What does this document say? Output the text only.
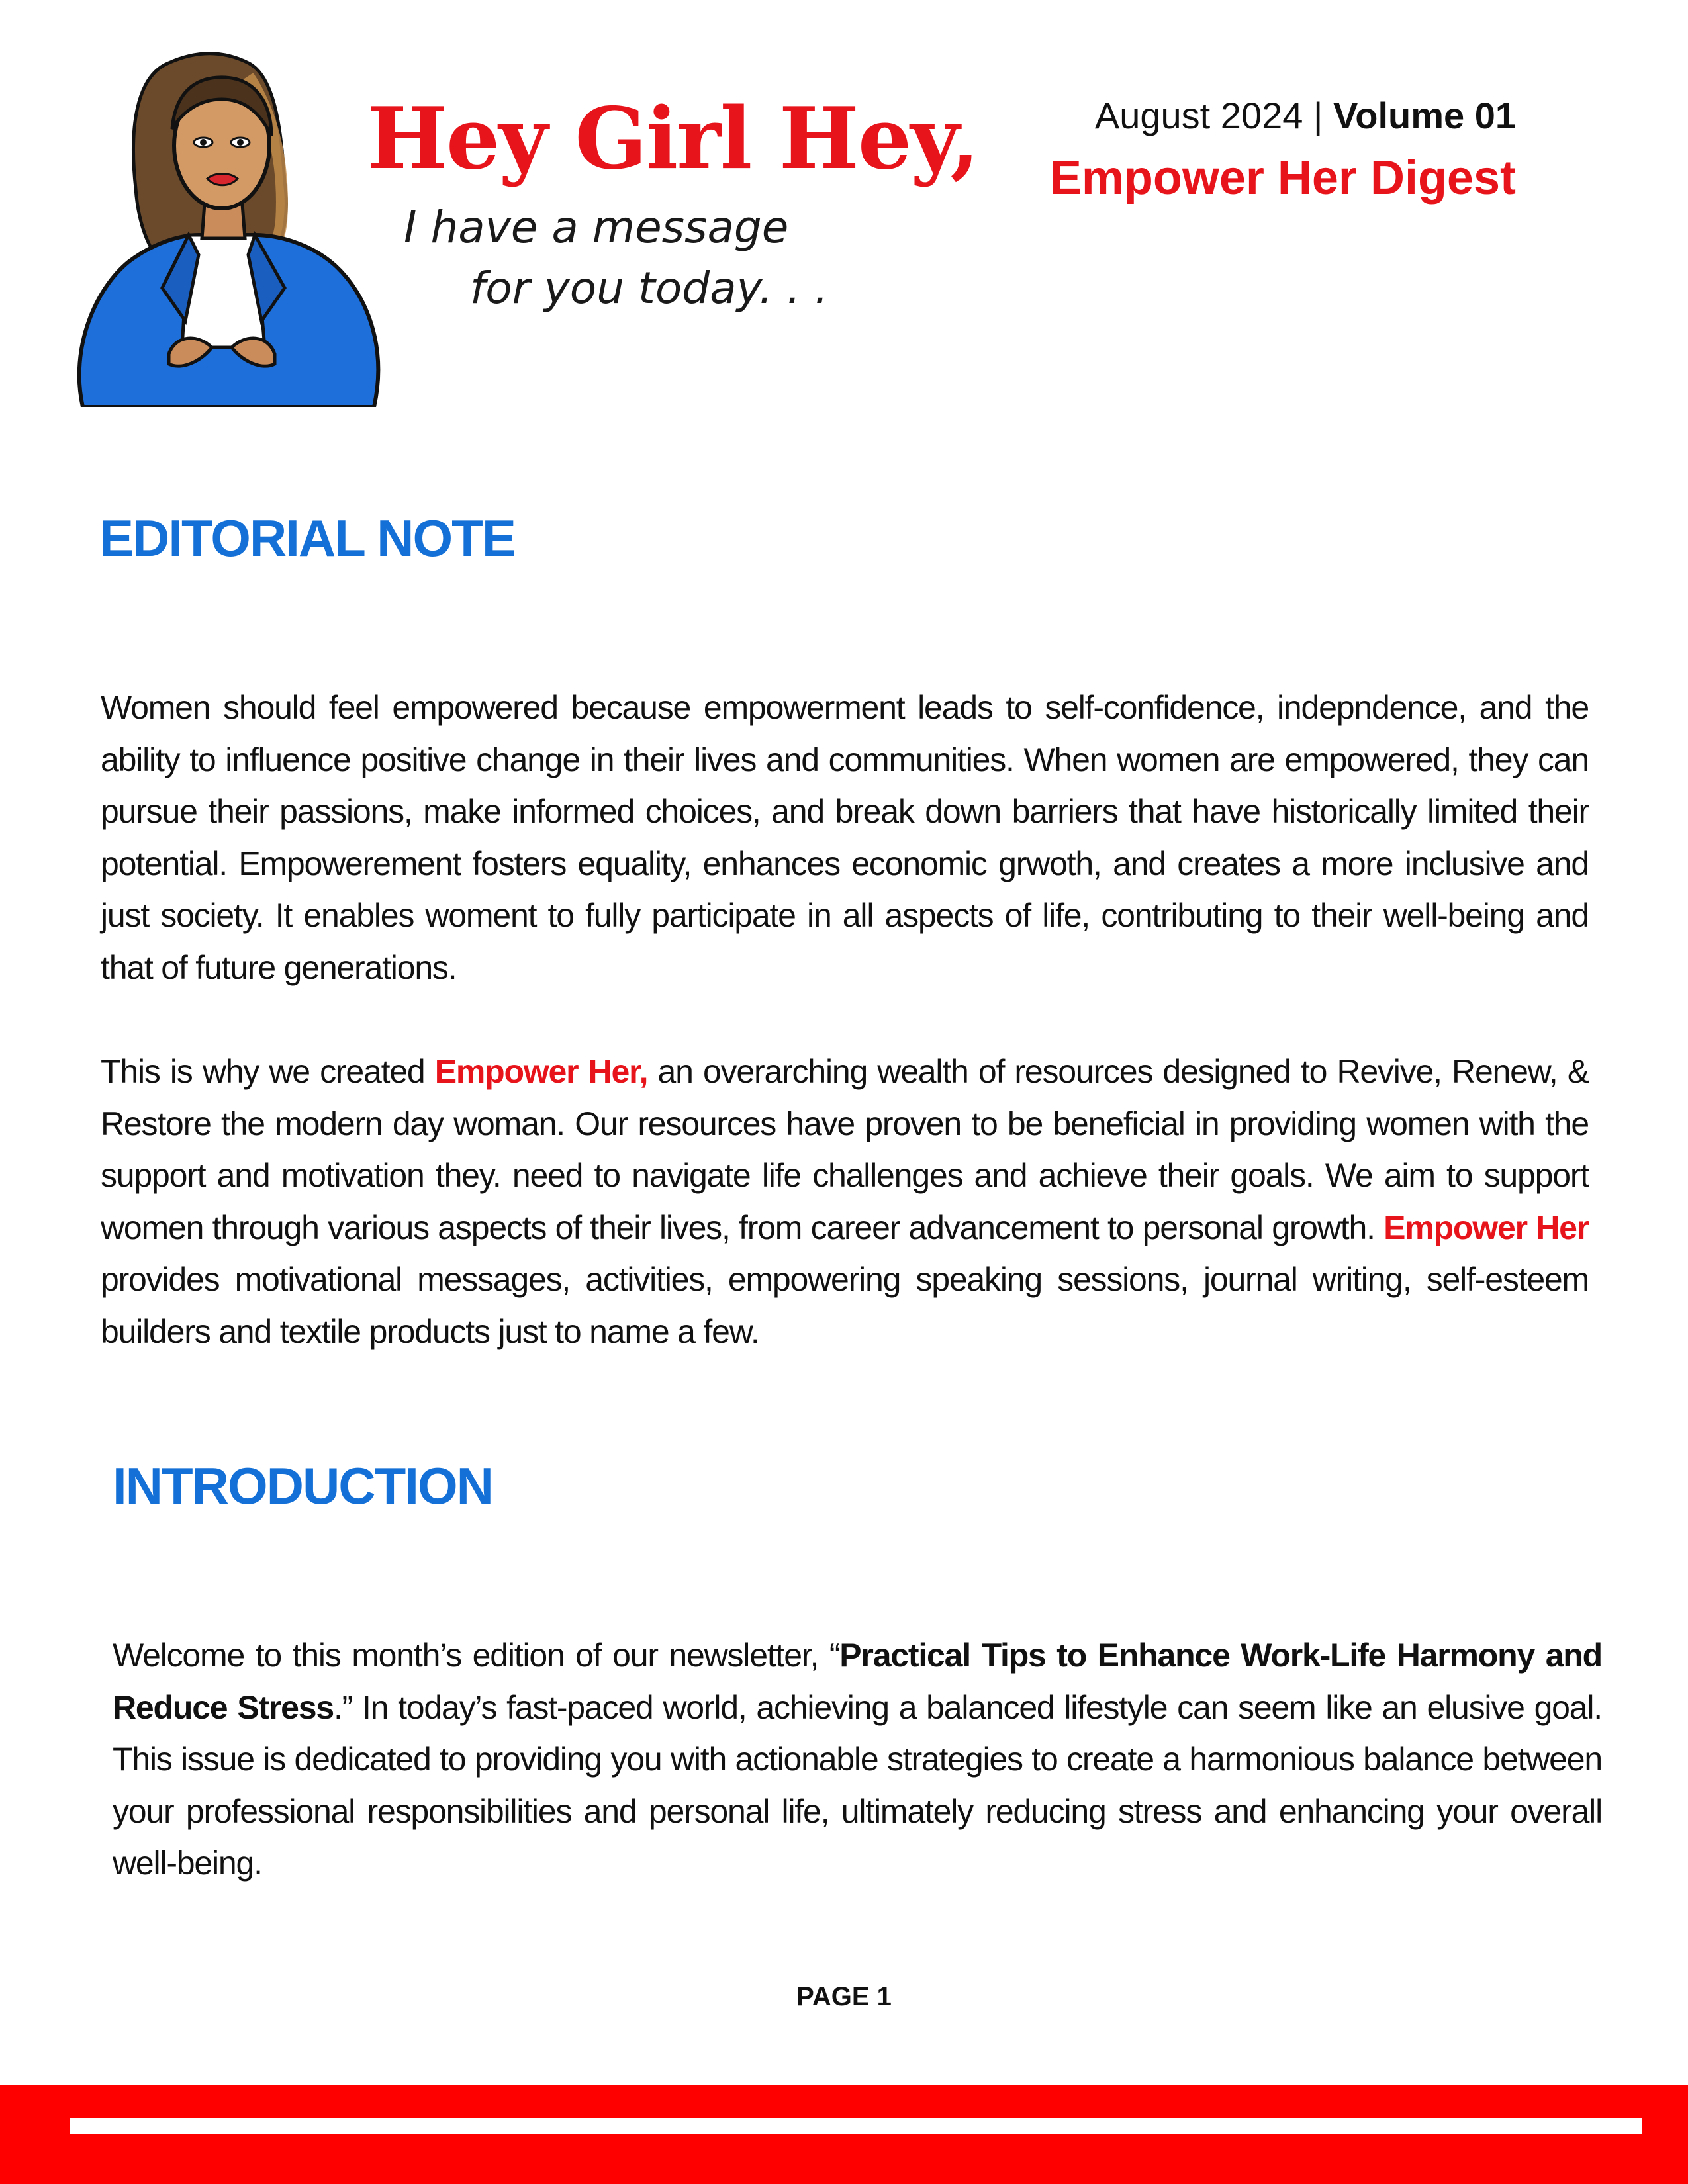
Hey Girl Hey,

I have a message
for you today. . .

August 2024 | Volume 01
Empower Her Digest
EDITORIAL NOTE

Women should feel empowered because empowerment leads to self-confidence, indepndence, and the ability to influence positive change in their lives and communities. When women are empowered, they can pursue their passions, make informed choices, and break down barriers that have historically limited their potential. Empowerement fosters equality, enhances economic grwoth, and creates a more inclusive and just society. It enables woment to fully participate in all aspects of life, contributing to their well-being and that of future generations.

This is why we created Empower Her, an overarching wealth of resources designed to Revive, Renew, & Restore the modern day woman. Our resources have proven to be beneficial in providing women with the support and motivation they. need to navigate life challenges and achieve their goals. We aim to support women through various aspects of their lives, from career advancement to personal growth. Empower Her provides motivational messages, activities, empowering speaking sessions, journal writing, self-esteem builders and textile products just to name a few.

INTRODUCTION

Welcome to this month’s edition of our newsletter, “Practical Tips to Enhance Work-Life Harmony and Reduce Stress.” In today’s fast-paced world, achieving a balanced lifestyle can seem like an elusive goal. This issue is dedicated to providing you with actionable strategies to create a harmonious balance between your professional responsibilities and personal life, ultimately reducing stress and enhancing your overall well-being.

PAGE 1
